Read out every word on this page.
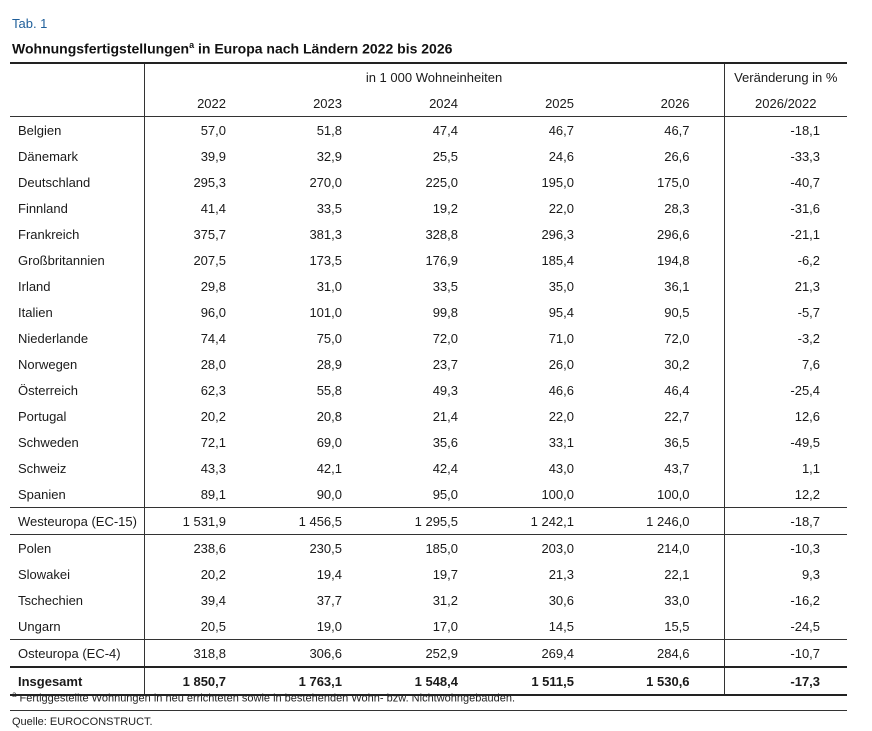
Tab. 1
Wohnungsfertigstellungen$^a$ in Europa nach Ländern 2022 bis 2026
	in 1 000 Wohneinheiten					Veränderung in %
	2022	2023	2024	2025	2026	2026/2022
Belgien	57,0	51,8	47,4	46,7	46,7	-18,1
Dänemark	39,9	32,9	25,5	24,6	26,6	-33,3
Deutschland	295,3	270,0	225,0	195,0	175,0	-40,7
Finnland	41,4	33,5	19,2	22,0	28,3	-31,6
Frankreich	375,7	381,3	328,8	296,3	296,6	-21,1
Großbritannien	207,5	173,5	176,9	185,4	194,8	-6,2
Irland	29,8	31,0	33,5	35,0	36,1	21,3
Italien	96,0	101,0	99,8	95,4	90,5	-5,7
Niederlande	74,4	75,0	72,0	71,0	72,0	-3,2
Norwegen	28,0	28,9	23,7	26,0	30,2	7,6
Österreich	62,3	55,8	49,3	46,6	46,4	-25,4
Portugal	20,2	20,8	21,4	22,0	22,7	12,6
Schweden	72,1	69,0	35,6	33,1	36,5	-49,5
Schweiz	43,3	42,1	42,4	43,0	43,7	1,1
Spanien	89,1	90,0	95,0	100,0	100,0	12,2
Westeuropa (EC-15)	1 531,9	1 456,5	1 295,5	1 242,1	1 246,0	-18,7
Polen	238,6	230,5	185,0	203,0	214,0	-10,3
Slowakei	20,2	19,4	19,7	21,3	22,1	9,3
Tschechien	39,4	37,7	31,2	30,6	33,0	-16,2
Ungarn	20,5	19,0	17,0	14,5	15,5	-24,5
Osteuropa (EC-4)	318,8	306,6	252,9	269,4	284,6	-10,7
Insgesamt	1 850,7	1 763,1	1 548,4	1 511,5	1 530,6	-17,3
$^a$ Fertiggestellte Wohnungen in neu errichteten sowie in bestehenden Wohn- bzw. Nichtwohngebäuden.
Quelle: EUROCONSTRUCT.
